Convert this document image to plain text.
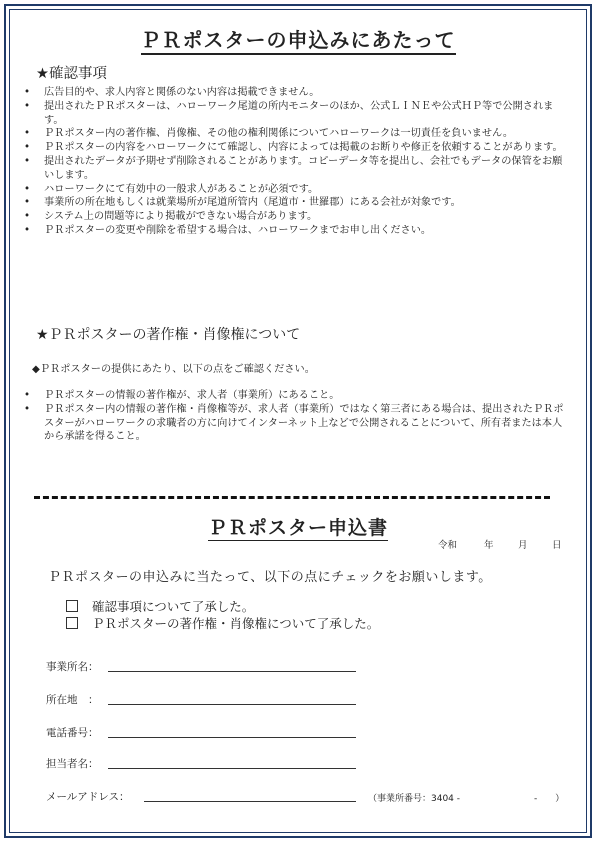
ＰＲポスターの申込みにあたって
★確認事項
• 広告目的や、求人内容と関係のない内容は掲載できません。
• 提出されたＰＲポスターは、ハローワーク尾道の所内モニターのほか、公式ＬＩＮＥや公式ＨＰ等で公開されます。
• ＰＲポスター内の著作権、肖像権、その他の権利関係についてハローワークは一切責任を負いません。
• ＰＲポスターの内容をハローワークにて確認し、内容によっては掲載のお断りや修正を依頼することがあります。
• 提出されたデータが予期せず削除されることがあります。コピーデータ等を提出し、会社でもデータの保管をお願いします。
• ハローワークにて有効中の一般求人があることが必須です。
• 事業所の所在地もしくは就業場所が尾道所管内（尾道市・世羅郡）にある会社が対象です。
• システム上の問題等により掲載ができない場合があります。
• ＰＲポスターの変更や削除を希望する場合は、ハローワークまでお申し出ください。
★ＰＲポスターの著作権・肖像権について
◆ＰＲポスターの提供にあたり、以下の点をご確認ください。
• ＰＲポスターの情報の著作権が、求人者（事業所）にあること。
• ＰＲポスター内の情報の著作権・肖像権等が、求人者（事業所）ではなく第三者にある場合は、提出されたＰＲポスターがハローワークの求職者の方に向けてインターネット上などで公開されることについて、所有者または本人から承諾を得ること。
ＰＲポスター申込書
令和	年	月	日
ＰＲポスターの申込みに当たって、以下の点にチェックをお願いします。
確認事項について了承した。
ＰＲポスターの著作権・肖像権について了承した。
事業所名：
所在地　：
電話番号：
担当者名：
メールアドレス：	（事業所番号：3404 -	-　　）
